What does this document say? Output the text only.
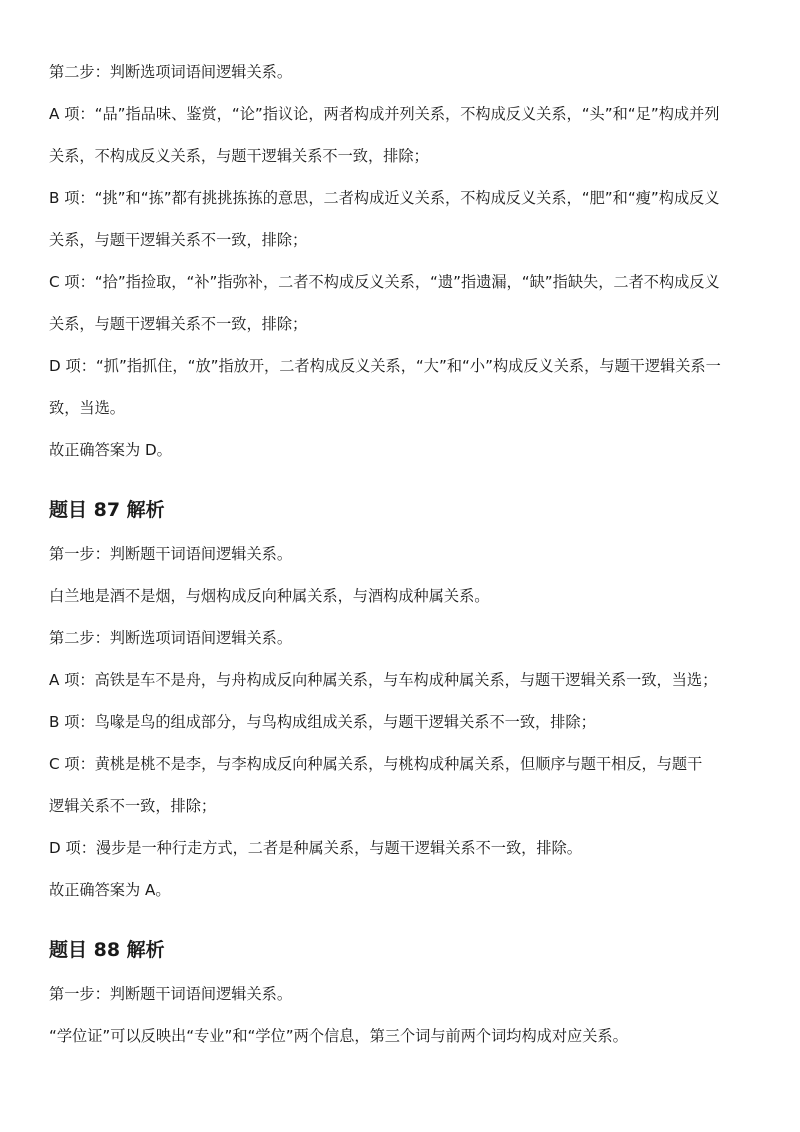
第二步：判断选项词语间逻辑关系。
A 项：“品”指品味、鉴赏，“论”指议论，两者构成并列关系，不构成反义关系，“头”和“足”构成并列
关系，不构成反义关系，与题干逻辑关系不一致，排除；
B 项：“挑”和“拣”都有挑挑拣拣的意思，二者构成近义关系，不构成反义关系，“肥”和“瘦”构成反义
关系，与题干逻辑关系不一致，排除；
C 项：“拾”指捡取，“补”指弥补，二者不构成反义关系，“遗”指遗漏，“缺”指缺失，二者不构成反义
关系，与题干逻辑关系不一致，排除；
D 项：“抓”指抓住，“放”指放开，二者构成反义关系，“大”和“小”构成反义关系，与题干逻辑关系一
致，当选。
故正确答案为 D。
题目 87 解析
第一步：判断题干词语间逻辑关系。
白兰地是酒不是烟，与烟构成反向种属关系，与酒构成种属关系。
第二步：判断选项词语间逻辑关系。
A 项：高铁是车不是舟，与舟构成反向种属关系，与车构成种属关系，与题干逻辑关系一致，当选；
B 项：鸟喙是鸟的组成部分，与鸟构成组成关系，与题干逻辑关系不一致，排除；
C 项：黄桃是桃不是李，与李构成反向种属关系，与桃构成种属关系，但顺序与题干相反，与题干
逻辑关系不一致，排除；
D 项：漫步是一种行走方式，二者是种属关系，与题干逻辑关系不一致，排除。
故正确答案为 A。
题目 88 解析
第一步：判断题干词语间逻辑关系。
“学位证”可以反映出“专业”和“学位”两个信息，第三个词与前两个词均构成对应关系。
